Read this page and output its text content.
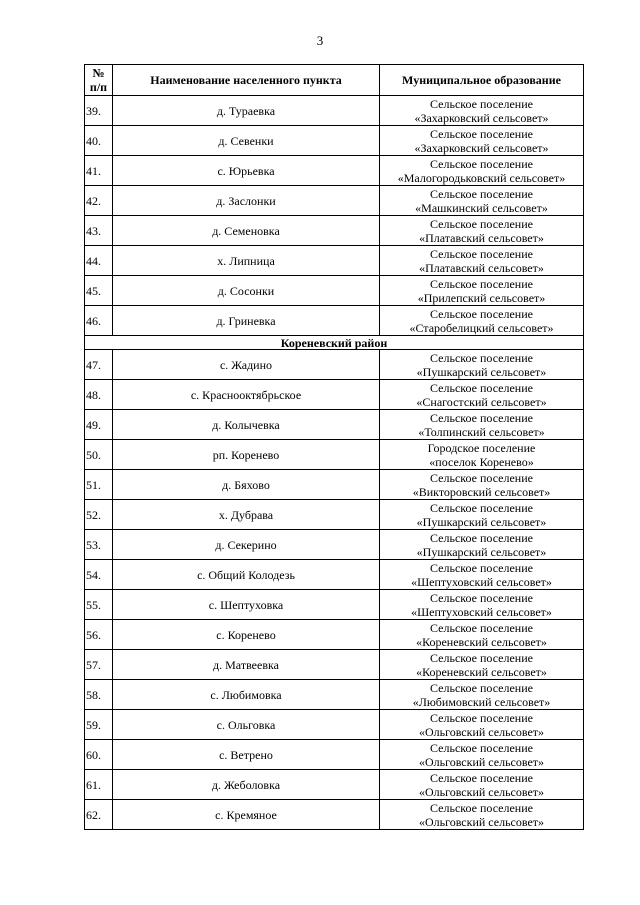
3
№
п/п	Наименование населенного пункта	Муниципальное образование
39.	д. Тураевка	Сельское поселение
«Захарковский сельсовет»

40.	д. Севенки	Сельское поселение
«Захарковский сельсовет»

41.	с. Юрьевка	Сельское поселение
«Малогородьковский сельсовет»

42.	д. Заслонки	Сельское поселение
«Машкинский сельсовет»

43.	д. Семеновка	Сельское поселение
«Платавский сельсовет»

44.	х. Липница	Сельское поселение
«Платавский сельсовет»

45.	д. Сосонки	Сельское поселение
«Прилепский сельсовет»

46.	д. Гриневка	Сельское поселение
«Старобелицкий сельсовет»

Кореневский район		
47.	с. Жадино	Сельское поселение
«Пушкарский сельсовет»

48.	с. Краснооктябрьское	Сельское поселение
«Снагостский сельсовет»

49.	д. Колычевка	Сельское поселение
«Толпинский сельсовет»

50.	рп. Коренево	Городское поселение
«поселок Коренево»

51.	д. Бяхово	Сельское поселение
«Викторовский сельсовет»

52.	х. Дубрава	Сельское поселение
«Пушкарский сельсовет»

53.	д. Секерино	Сельское поселение
«Пушкарский сельсовет»

54.	с. Общий Колодезь	Сельское поселение
«Шептуховский сельсовет»

55.	с. Шептуховка	Сельское поселение
«Шептуховский сельсовет»

56.	с. Коренево	Сельское поселение
«Кореневский сельсовет»

57.	д. Матвеевка	Сельское поселение
«Кореневский сельсовет»

58.	с. Любимовка	Сельское поселение
«Любимовский сельсовет»

59.	с. Ольговка	Сельское поселение
«Ольговский сельсовет»

60.	с. Ветрено	Сельское поселение
«Ольговский сельсовет»

61.	д. Жеболовка	Сельское поселение
«Ольговский сельсовет»

62.	с. Кремяное	Сельское поселение
«Ольговский сельсовет»
